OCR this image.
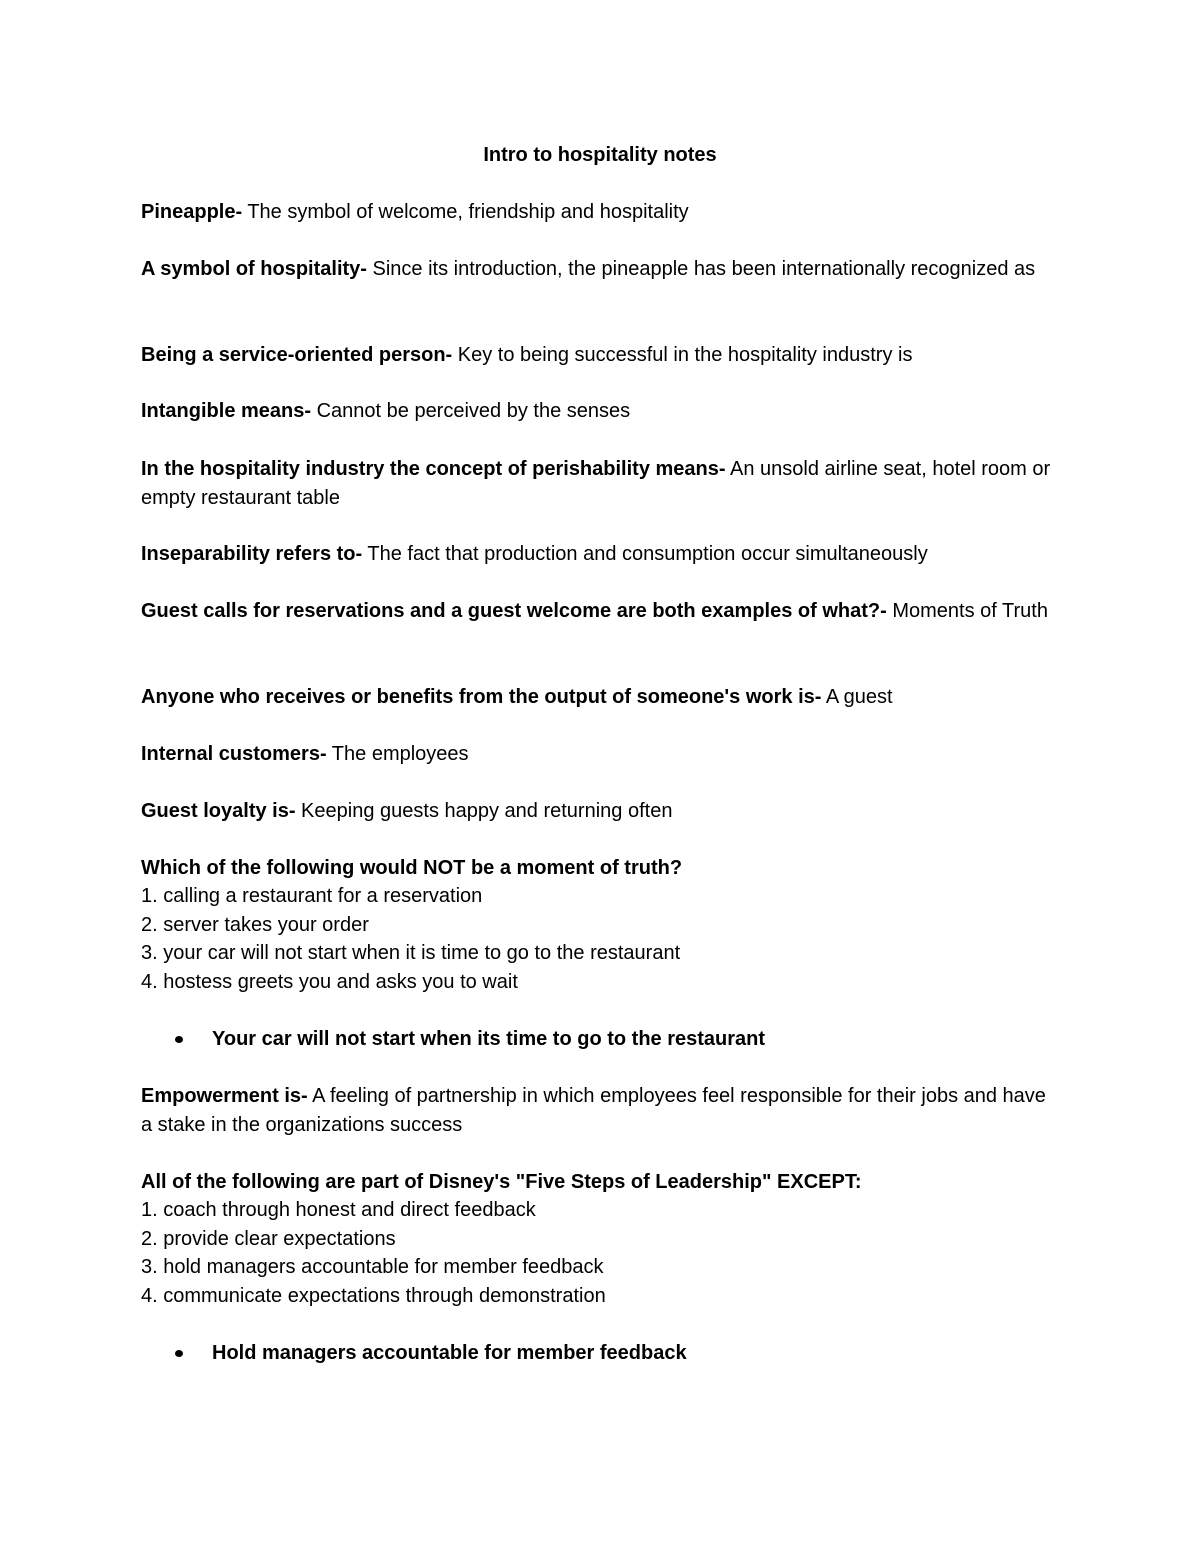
Intro to hospitality notes

Pineapple- The symbol of welcome, friendship and hospitality

A symbol of hospitality- Since its introduction, the pineapple has been internationally recognized as

Being a service-oriented person- Key to being successful in the hospitality industry is

Intangible means- Cannot be perceived by the senses

In the hospitality industry the concept of perishability means- An unsold airline seat, hotel room or empty restaurant table

Inseparability refers to- The fact that production and consumption occur simultaneously

Guest calls for reservations and a guest welcome are both examples of what?- Moments of Truth

Anyone who receives or benefits from the output of someone's work is- A guest

Internal customers- The employees

Guest loyalty is- Keeping guests happy and returning often

Which of the following would NOT be a moment of truth?

1. calling a restaurant for a reservation

2. server takes your order

3. your car will not start when it is time to go to the restaurant

4. hostess greets you and asks you to wait

Your car will not start when its time to go to the restaurant

Empowerment is- A feeling of partnership in which employees feel responsible for their jobs and have a stake in the organizations success

All of the following are part of Disney's "Five Steps of Leadership" EXCEPT:

1. coach through honest and direct feedback

2. provide clear expectations

3. hold managers accountable for member feedback

4. communicate expectations through demonstration

Hold managers accountable for member feedback
